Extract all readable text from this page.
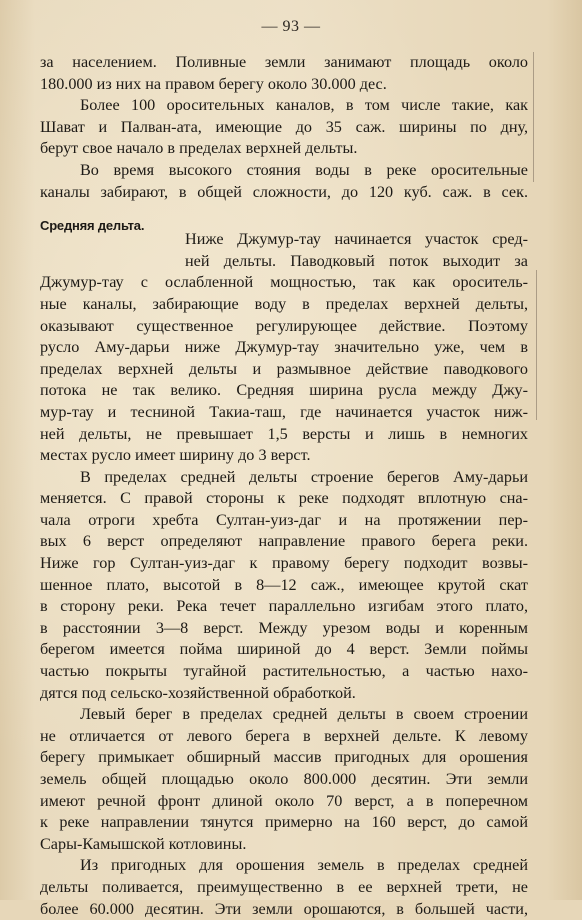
— 93 —
Средняя дельта.
за населением. Поливные земли занимают площадь около
180.000 из них на правом берегу около 30.000 дес.
Более 100 оросительных каналов, в том числе такие, как
Шават и Палван-ата, имеющие до 35 саж. ширины по дну,
берут свое начало в пределах верхней дельты.
Во время высокого стояния воды в реке оросительные
каналы забирают, в общей сложности, до 120 куб. саж. в сек.
Ниже Джумур-тау начинается участок сред-
ней дельты. Паводковый поток выходит за
Джумур-тау с ослабленной мощностью, так как ороситель-
ные каналы, забирающие воду в пределах верхней дельты,
оказывают существенное регулирующее действие. Поэтому
русло Аму-дарьи ниже Джумур-тау значительно уже, чем в
пределах верхней дельты и размывное действие паводкового
потока не так велико. Средняя ширина русла между Джу-
мур-тау и тесниной Такиа-таш, где начинается участок ниж-
ней дельты, не превышает 1,5 версты и лишь в немногих
местах русло имеет ширину до 3 верст.
В пределах средней дельты строение берегов Аму-дарьи
меняется. С правой стороны к реке подходят вплотную сна-
чала отроги хребта Султан-уиз-даг и на протяжении пер-
вых 6 верст определяют направление правого берега реки.
Ниже гор Султан-уиз-даг к правому берегу подходит возвы-
шенное плато, высотой в 8—12 саж., имеющее крутой скат
в сторону реки. Река течет параллельно изгибам этого плато,
в расстоянии 3—8 верст. Между урезом воды и коренным
берегом имеется пойма шириной до 4 верст. Земли поймы
частью покрыты тугайной растительностью, а частью нахо-
дятся под сельско-хозяйственной обработкой.
Левый берег в пределах средней дельты в своем строении
не отличается от левого берега в верхней дельте. К левому
берегу примыкает обширный массив пригодных для орошения
земель общей площадью около 800.000 десятин. Эти земли
имеют речной фронт длиной около 70 верст, а в поперечном
к реке направлении тянутся примерно на 160 верст, до самой
Сары-Камышской котловины.
Из пригодных для орошения земель в пределах средней
дельты поливается, преимущественно в ее верхней трети, не
более 60.000 десятин. Эти земли орошаются, в большей части,
